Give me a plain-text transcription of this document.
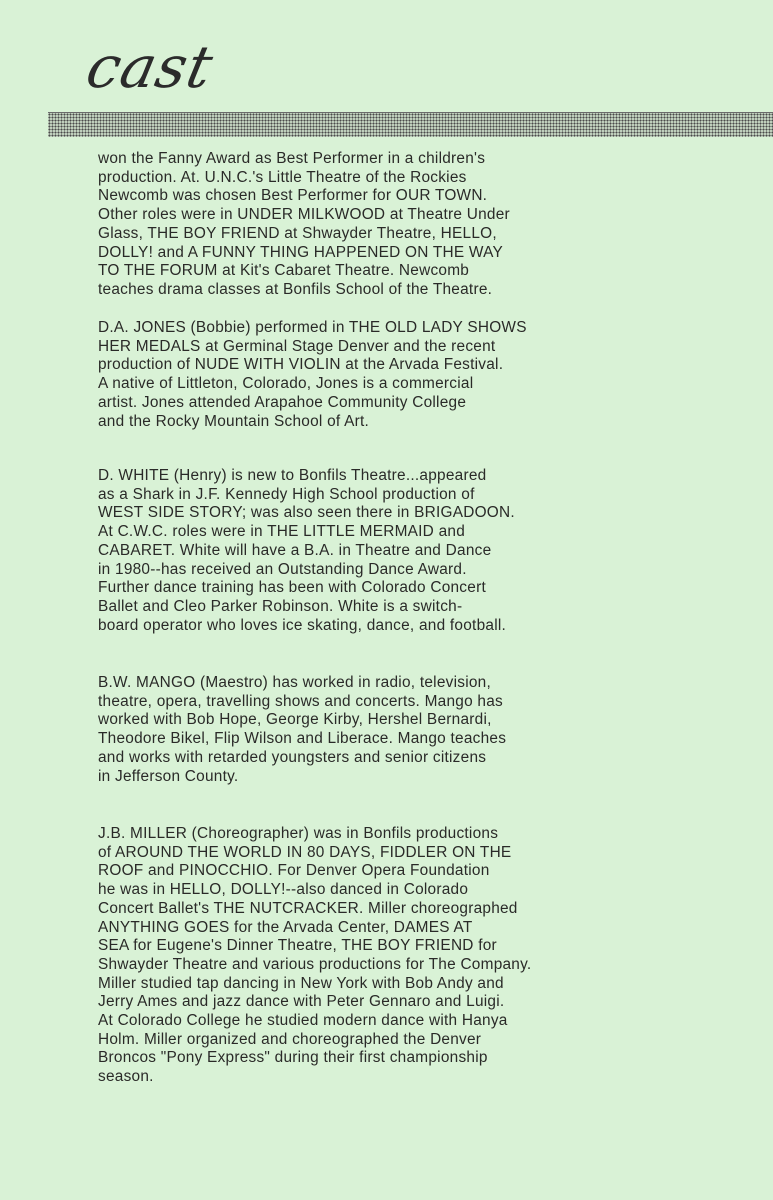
cast
won the Fanny Award as Best Performer in a children's
production. At. U.N.C.'s Little Theatre of the Rockies
Newcomb was chosen Best Performer for OUR TOWN.
Other roles were in UNDER MILKWOOD at Theatre Under
Glass, THE BOY FRIEND at Shwayder Theatre, HELLO,
DOLLY! and A FUNNY THING HAPPENED ON THE WAY
TO THE FORUM at Kit's Cabaret Theatre. Newcomb
teaches drama classes at Bonfils School of the Theatre.
D.A. JONES (Bobbie) performed in THE OLD LADY SHOWS
HER MEDALS at Germinal Stage Denver and the recent
production of NUDE WITH VIOLIN at the Arvada Festival.
A native of Littleton, Colorado, Jones is a commercial
artist. Jones attended Arapahoe Community College
and the Rocky Mountain School of Art.
D. WHITE (Henry) is new to Bonfils Theatre...appeared
as a Shark in J.F. Kennedy High School production of
WEST SIDE STORY; was also seen there in BRIGADOON.
At C.W.C. roles were in THE LITTLE MERMAID and
CABARET. White will have a B.A. in Theatre and Dance
in 1980--has received an Outstanding Dance Award.
Further dance training has been with Colorado Concert
Ballet and Cleo Parker Robinson. White is a switch-
board operator who loves ice skating, dance, and football.
B.W. MANGO (Maestro) has worked in radio, television,
theatre, opera, travelling shows and concerts. Mango has
worked with Bob Hope, George Kirby, Hershel Bernardi,
Theodore Bikel, Flip Wilson and Liberace. Mango teaches
and works with retarded youngsters and senior citizens
in Jefferson County.
J.B. MILLER (Choreographer) was in Bonfils productions
of AROUND THE WORLD IN 80 DAYS, FIDDLER ON THE
ROOF and PINOCCHIO. For Denver Opera Foundation
he was in HELLO, DOLLY!--also danced in Colorado
Concert Ballet's THE NUTCRACKER. Miller choreographed
ANYTHING GOES for the Arvada Center, DAMES AT
SEA for Eugene's Dinner Theatre, THE BOY FRIEND for
Shwayder Theatre and various productions for The Company.
Miller studied tap dancing in New York with Bob Andy and
Jerry Ames and jazz dance with Peter Gennaro and Luigi.
At Colorado College he studied modern dance with Hanya
Holm. Miller organized and choreographed the Denver
Broncos "Pony Express" during their first championship
season.
